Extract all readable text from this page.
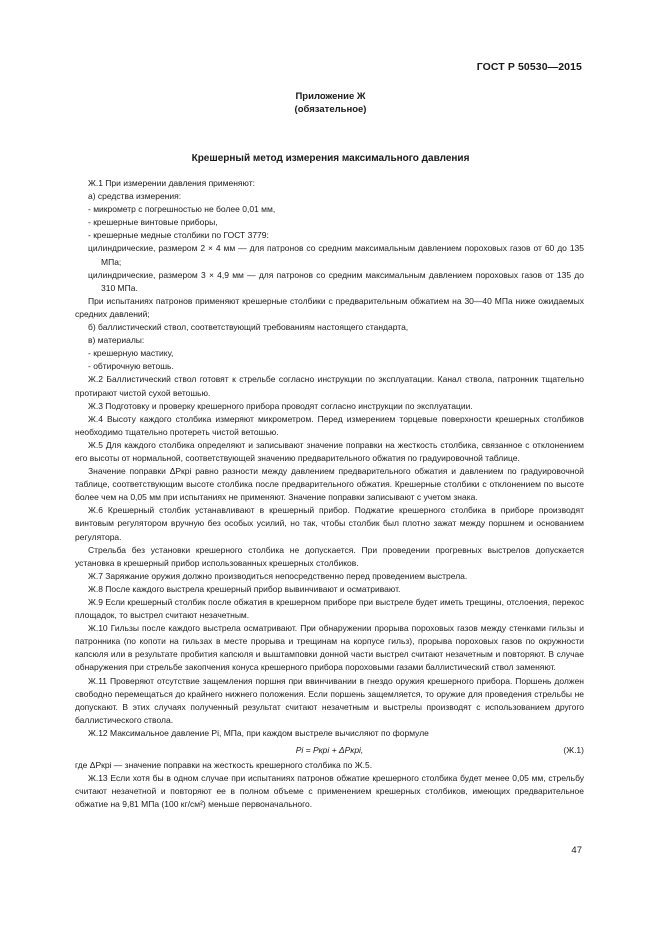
ГОСТ Р 50530—2015
Приложение Ж
(обязательное)
Крешерный метод измерения максимального давления

Ж.1 При измерении давления применяют:

а) средства измерения:

- микрометр с погрешностью не более 0,01 мм,

- крешерные винтовые приборы,

- крешерные медные столбики по ГОСТ 3779:

цилиндрические, размером 2 × 4 мм — для патронов со средним максимальным давлением пороховых газов от 60 до 135 МПа;

цилиндрические, размером 3 × 4,9 мм — для патронов со средним максимальным давлением пороховых газов от 135 до 310 МПа.

При испытаниях патронов применяют крешерные столбики с предварительным обжатием на 30—40 МПа ниже ожидаемых средних давлений;

б) баллистический ствол, соответствующий требованиям настоящего стандарта,

в) материалы:

- крешерную мастику,

- обтирочную ветошь.

Ж.2 Баллистический ствол готовят к стрельбе согласно инструкции по эксплуатации. Канал ствола, патронник тщательно протирают чистой сухой ветошью.

Ж.3 Подготовку и проверку крешерного прибора проводят согласно инструкции по эксплуатации.

Ж.4 Высоту каждого столбика измеряют микрометром. Перед измерением торцевые поверхности крешерных столбиков необходимо тщательно протереть чистой ветошью.

Ж.5 Для каждого столбика определяют и записывают значение поправки на жесткость столбика, связанное с отклонением его высоты от нормальной, соответствующей значению предварительного обжатия по градуировочной таблице.

Значение поправки ΔPкрi равно разности между давлением предварительного обжатия и давлением по градуировочной таблице, соответствующим высоте столбика после предварительного обжатия. Крешерные столбики с отклонением по высоте более чем на 0,05 мм при испытаниях не применяют. Значение поправки записывают с учетом знака.

Ж.6 Крешерный столбик устанавливают в крешерный прибор. Поджатие крешерного столбика в приборе производят винтовым регулятором вручную без особых усилий, но так, чтобы столбик был плотно зажат между поршнем и основанием регулятора.

Стрельба без установки крешерного столбика не допускается. При проведении прогревных выстрелов допускается установка в крешерный прибор использованных крешерных столбиков.

Ж.7 Заряжание оружия должно производиться непосредственно перед проведением выстрела.

Ж.8 После каждого выстрела крешерный прибор вывинчивают и осматривают.

Ж.9 Если крешерный столбик после обжатия в крешерном приборе при выстреле будет иметь трещины, отслоения, перекос площадок, то выстрел считают незачетным.

Ж.10 Гильзы после каждого выстрела осматривают. При обнаружении прорыва пороховых газов между стенками гильзы и патронника (по копоти на гильзах в месте прорыва и трещинам на корпусе гильз), прорыва пороховых газов по окружности капсюля или в результате пробития капсюля и выштамповки донной части выстрел считают незачетным и повторяют. В случае обнаружения при стрельбе закопчения конуса крешерного прибора пороховыми газами баллистический ствол заменяют.

Ж.11 Проверяют отсутствие защемления поршня при ввинчивании в гнездо оружия крешерного прибора. Поршень должен свободно перемещаться до крайнего нижнего положения. Если поршень защемляется, то оружие для проведения стрельбы не допускают. В этих случаях полученный результат считают незачетным и выстрелы производят с использованием другого баллистического ствола.

Ж.12 Максимальное давление Pi, МПа, при каждом выстреле вычисляют по формуле

Pi = Pкрi + ΔPкрi,	(Ж.1)

где ΔPкрi — значение поправки на жесткость крешерного столбика по Ж.5.

Ж.13 Если хотя бы в одном случае при испытаниях патронов обжатие крешерного столбика будет менее 0,05 мм, стрельбу считают незачетной и повторяют ее в полном объеме с применением крешерных столбиков, имеющих предварительное обжатие на 9,81 МПа (100 кг/см²) меньше первоначального.

47
